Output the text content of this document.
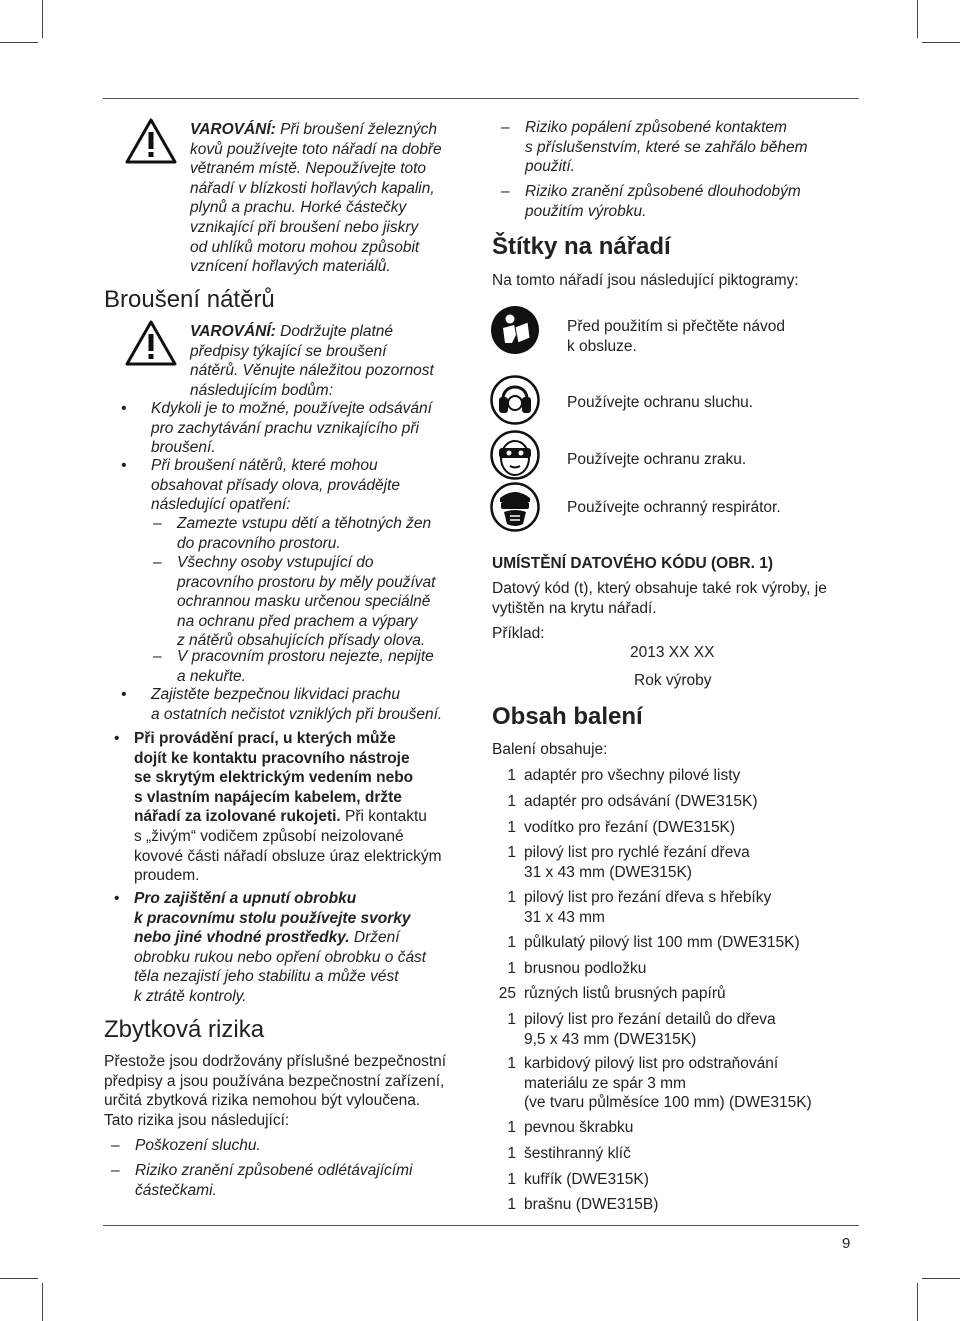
VAROVÁNÍ: Při broušení železných
kovů používejte toto nářadí na dobře
větraném místě. Nepoužívejte toto
nářadí v blízkosti hořlavých kapalin,
plynů a prachu. Horké částečky
vznikající při broušení nebo jiskry
od uhlíků motoru mohou způsobit
vznícení hořlavých materiálů.
Broušení nátěrů
VAROVÁNÍ: Dodržujte platné
předpisy týkající se broušení
nátěrů. Věnujte náležitou pozornost
následujícím bodům:
• Kdykoli je to možné, používejte odsávání
pro zachytávání prachu vznikajícího při
broušení.
• Při broušení nátěrů, které mohou
obsahovat přísady olova, provádějte
následující opatření:
– Zamezte vstupu dětí a těhotných žen
do pracovního prostoru.
– Všechny osoby vstupující do
pracovního prostoru by měly používat
ochrannou masku určenou speciálně
na ochranu před prachem a výpary
z nátěrů obsahujících přísady olova.
– V pracovním prostoru nejezte, nepijte
a nekuřte.
• Zajistěte bezpečnou likvidaci prachu
a ostatních nečistot vzniklých při broušení.
• Při provádění prací, u kterých může
dojít ke kontaktu pracovního nástroje
se skrytým elektrickým vedením nebo
s vlastním napájecím kabelem, držte
nářadí za izolované rukojeti. Při kontaktu
s „živým“ vodičem způsobí neizolované
kovové části nářadí obsluze úraz elektrickým
proudem.
• Pro zajištění a upnutí obrobku
k pracovnímu stolu používejte svorky
nebo jiné vhodné prostředky. Držení
obrobku rukou nebo opření obrobku o část
těla nezajistí jeho stabilitu a může vést
k ztrátě kontroly.
Zbytková rizika
Přestože jsou dodržovány příslušné bezpečnostní
předpisy a jsou používána bezpečnostní zařízení,
určitá zbytková rizika nemohou být vyloučena.
Tato rizika jsou následující:
– Poškození sluchu.
– Riziko zranění způsobené odlétávajícími
částečkami.
– Riziko popálení způsobené kontaktem
s příslušenstvím, které se zahřálo během
použití.
– Riziko zranění způsobené dlouhodobým
použitím výrobku.
Štítky na nářadí
Na tomto nářadí jsou následující piktogramy:
Před použitím si přečtěte návod
k obsluze.
Používejte ochranu sluchu.
Používejte ochranu zraku.
Používejte ochranný respirátor.
UMÍSTĚNÍ DATOVÉHO KÓDU (OBR. 1)
Datový kód (t), který obsahuje také rok výroby, je
vytištěn na krytu nářadí.
Příklad:
2013 XX XX
Rok výroby
Obsah balení
Balení obsahuje:
1 adaptér pro všechny pilové listy
1 adaptér pro odsávání (DWE315K)
1 vodítko pro řezání (DWE315K)
1 pilový list pro rychlé řezání dřeva
31 x 43 mm (DWE315K)
1 pilový list pro řezání dřeva s hřebíky
31 x 43 mm
1 půlkulatý pilový list 100 mm (DWE315K)
1 brusnou podložku
25 různých listů brusných papírů
1 pilový list pro řezání detailů do dřeva
9,5 x 43 mm (DWE315K)
1 karbidový pilový list pro odstraňování
materiálu ze spár 3 mm
(ve tvaru půlměsíce 100 mm) (DWE315K)
1 pevnou škrabku
1 šestihranný klíč
1 kufřík (DWE315K)
1 brašnu (DWE315B)
9
